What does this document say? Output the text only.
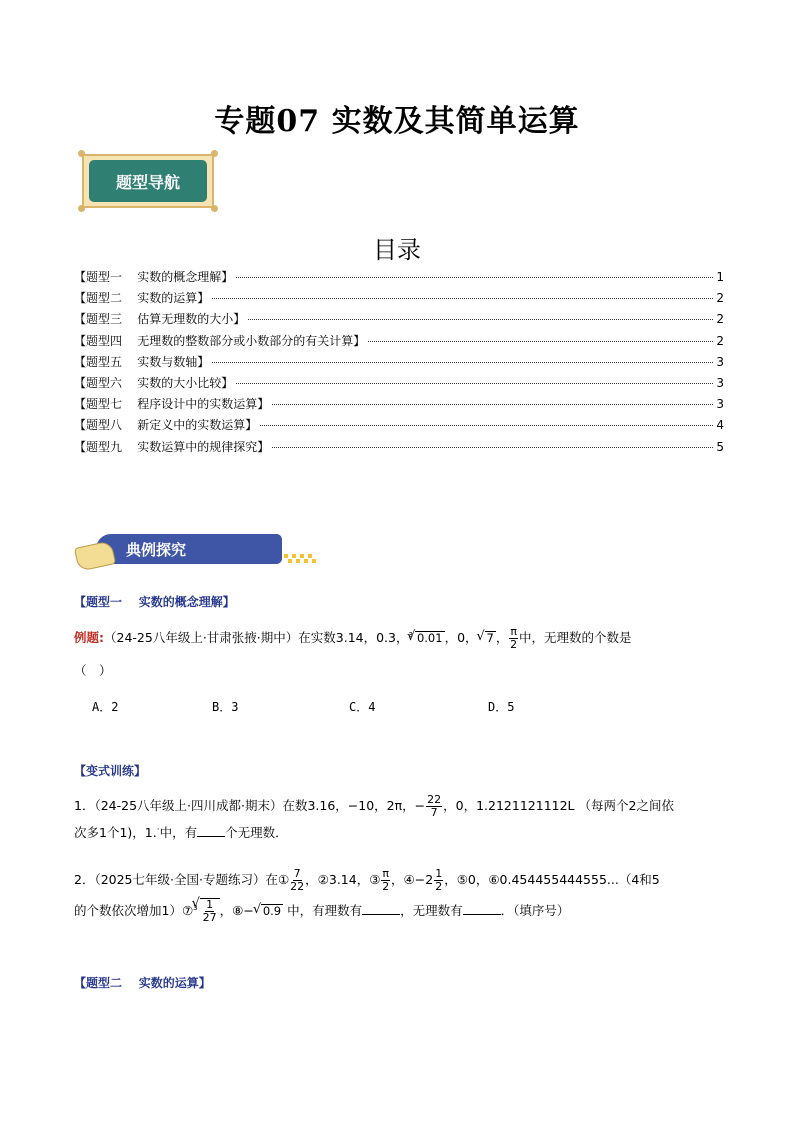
专题07 实数及其简单运算
题型导航
目录
【题型一    实数的概念理解】	1
【题型二    实数的运算】	2
【题型三    估算无理数的大小】	2
【题型四    无理数的整数部分或小数部分的有关计算】	2
【题型五    实数与数轴】	3
【题型六    实数的大小比较】	3
【题型七    程序设计中的实数运算】	3
【题型八    新定义中的实数运算】	4
【题型九    实数运算中的规律探究】	5
典例探究
【题型一    实数的概念理解】
例题:（24-25八年级上·甘肃张掖·期中）在实数3.14，0.3，$^3$ √ 0.01 ，0， √ 7 ， $\frac{\pi}{2}$ 中，无理数的个数是
（　）
A．2	B．3	C．4	D．5
【变式训练】
1．（24-25八年级上·四川成都·期末）在数3.16，−10，2π，− $\frac{22}{7}$ ，0，1.2121121112L （每两个2之间依
次多1个1)，1.·中，有 个无理数．
2．（2025七年级·全国·专题练习）在① $\frac{7}{22}$ ，②3.14，③ $\frac{\pi}{2}$ ，④−2 $\frac{1}{2}$ ，⑤0，⑥0.454455444555...（4和5
的个数依次增加1）⑦$^3$ √ $\frac{1}{27}$ ，⑧− √ 0.9 中，有理数有	，无理数有	．（填序号）
【题型二    实数的运算】
